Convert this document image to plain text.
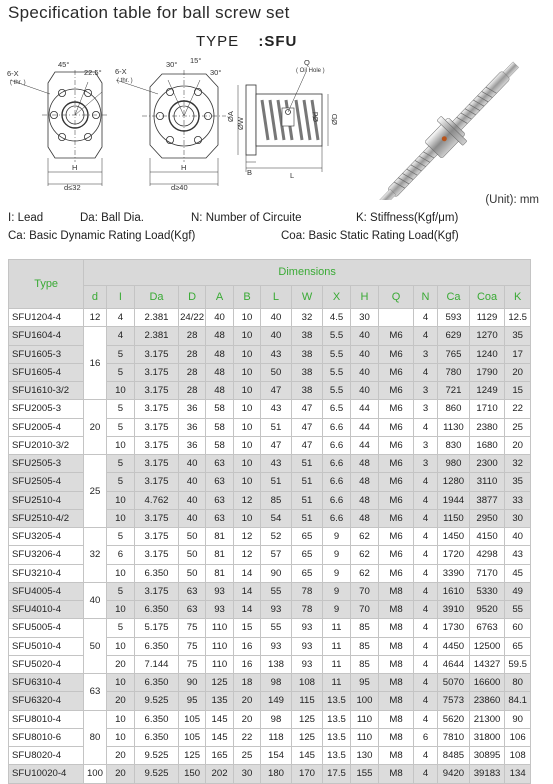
Specification table for ball screw set
TYPE :SFU
6-X
( thr. )
45°
22.5°
H
d≤32
6-X
( thr. )
30° 15°
30°
H
d≥40
Q
( Oil Hole )
ØA
ØW
Ød ØD
B	L
(Unit): mm
I: Lead	Da: Ball Dia.	N: Number of Circuite	K: Stiffness(Kgf/μm)
Ca: Basic Dynamic Rating Load(Kgf)	Coa: Basic Static Rating Load(Kgf)
Type	Dimensions														
	d	I	Da	D	A	B	L	W	X	H	Q	N	Ca	Coa	K
SFU1204-4	12	4	2.381	24/22	40	10	40	32	4.5	30		4	593	1129	12.5
SFU1604-4	16	4	2.381	28	48	10	40	38	5.5	40	M6	4	629	1270	35
SFU1605-3		5	3.175	28	48	10	43	38	5.5	40	M6	3	765	1240	17
SFU1605-4		5	3.175	28	48	10	50	38	5.5	40	M6	4	780	1790	20
SFU1610-3/2		10	3.175	28	48	10	47	38	5.5	40	M6	3	721	1249	15
SFU2005-3	20	5	3.175	36	58	10	43	47	6.5	44	M6	3	860	1710	22
SFU2005-4		5	3.175	36	58	10	51	47	6.6	44	M6	4	1130	2380	25
SFU2010-3/2		10	3.175	36	58	10	47	47	6.6	44	M6	3	830	1680	20
SFU2505-3	25	5	3.175	40	63	10	43	51	6.6	48	M6	3	980	2300	32
SFU2505-4		5	3.175	40	63	10	51	51	6.6	48	M6	4	1280	3110	35
SFU2510-4		10	4.762	40	63	12	85	51	6.6	48	M6	4	1944	3877	33
SFU2510-4/2		10	3.175	40	63	10	54	51	6.6	48	M6	4	1150	2950	30
SFU3205-4	32	5	3.175	50	81	12	52	65	9	62	M6	4	1450	4150	40
SFU3206-4		6	3.175	50	81	12	57	65	9	62	M6	4	1720	4298	43
SFU3210-4		10	6.350	50	81	14	90	65	9	62	M6	4	3390	7170	45
SFU4005-4	40	5	3.175	63	93	14	55	78	9	70	M8	4	1610	5330	49
SFU4010-4		10	6.350	63	93	14	93	78	9	70	M8	4	3910	9520	55
SFU5005-4	50	5	5.175	75	110	15	55	93	11	85	M8	4	1730	6763	60
SFU5010-4		10	6.350	75	110	16	93	93	11	85	M8	4	4450	12500	65
SFU5020-4		20	7.144	75	110	16	138	93	11	85	M8	4	4644	14327	59.5
SFU6310-4	63	10	6.350	90	125	18	98	108	11	95	M8	4	5070	16600	80
SFU6320-4		20	9.525	95	135	20	149	115	13.5	100	M8	4	7573	23860	84.1
SFU8010-4	80	10	6.350	105	145	20	98	125	13.5	110	M8	4	5620	21300	90
SFU8010-6		10	6.350	105	145	22	118	125	13.5	110	M8	6	7810	31800	106
SFU8020-4		20	9.525	125	165	25	154	145	13.5	130	M8	4	8485	30895	108
SFU10020-4	100	20	9.525	150	202	30	180	170	17.5	155	M8	4	9420	39183	134
